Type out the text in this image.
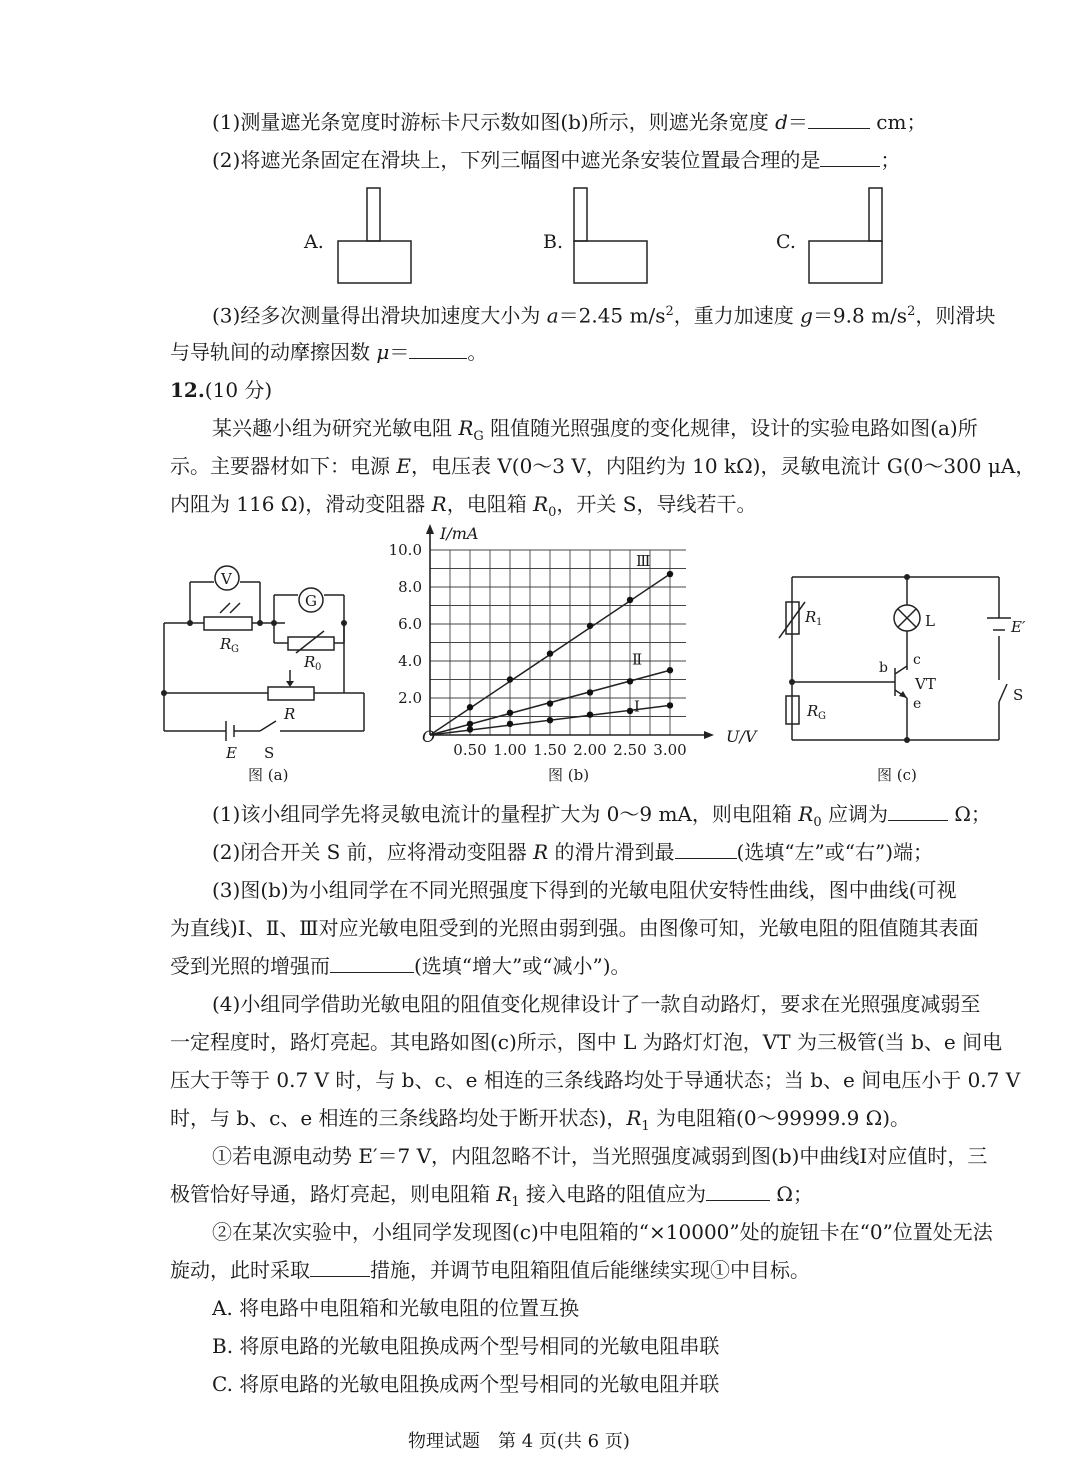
(1)测量遮光条宽度时游标卡尺示数如图(b)所示，则遮光条宽度 d＝	cm；
(2)将遮光条固定在滑块上，下列三幅图中遮光条安装位置最合理的是	；
A.	B.	C.
(3)经多次测量得出滑块加速度大小为 a＝2.45 $m/s^2$，重力加速度 g＝9.8 $m/s^2$，则滑块
与导轨间的动摩擦因数 μ＝	。
12.(10 分)
某兴趣小组为研究光敏电阻 $R_G$ 阻值随光照强度的变化规律，设计的实验电路如图(a)所
示。主要器材如下：电源 E，电压表 V(0～3 V，内阻约为 10 kΩ)，灵敏电流计 G(0～300 μA，
内阻为 116 Ω)，滑动变阻器 R，电阻箱 $R_0$，开关 S，导线若干。
V
G
R G
R 0
R
E S
图 (a)
0.50 1.00 1.50 2.00 2.50 3.00
2.0
4.0
6.0
8.0
10.0
Ⅰ
Ⅱ
Ⅲ
O
I/mA
U/V
图 (b)
R 1	L	E′
c
b
VT
e
R G
S
图 (c)
(1)该小组同学先将灵敏电流计的量程扩大为 0～9 mA，则电阻箱 $R_0$ 应调为	Ω；
(2)闭合开关 S 前，应将滑动变阻器 R 的滑片滑到最	(选填“左”或“右”)端；
(3)图(b)为小组同学在不同光照强度下得到的光敏电阻伏安特性曲线，图中曲线(可视
为直线)Ⅰ、Ⅱ、Ⅲ对应光敏电阻受到的光照由弱到强。由图像可知，光敏电阻的阻值随其表面
受到光照的增强而	(选填“增大”或“减小”)。
(4)小组同学借助光敏电阻的阻值变化规律设计了一款自动路灯，要求在光照强度减弱至
一定程度时，路灯亮起。其电路如图(c)所示，图中 L 为路灯灯泡，VT 为三极管(当 b、e 间电
压大于等于 0.7 V 时，与 b、c、e 相连的三条线路均处于导通状态；当 b、e 间电压小于 0.7 V
时，与 b、c、e 相连的三条线路均处于断开状态)，$R_1$ 为电阻箱(0～99999.9 Ω)。
①若电源电动势 E′＝7 V，内阻忽略不计，当光照强度减弱到图(b)中曲线Ⅰ对应值时，三
极管恰好导通，路灯亮起，则电阻箱 $R_1$ 接入电路的阻值应为	Ω；
②在某次实验中，小组同学发现图(c)中电阻箱的“×10000”处的旋钮卡在“0”位置处无法
旋动，此时采取	措施，并调节电阻箱阻值后能继续实现①中目标。
A. 将电路中电阻箱和光敏电阻的位置互换
B. 将原电路的光敏电阻换成两个型号相同的光敏电阻串联
C. 将原电路的光敏电阻换成两个型号相同的光敏电阻并联
物理试题　第 4 页(共 6 页)
